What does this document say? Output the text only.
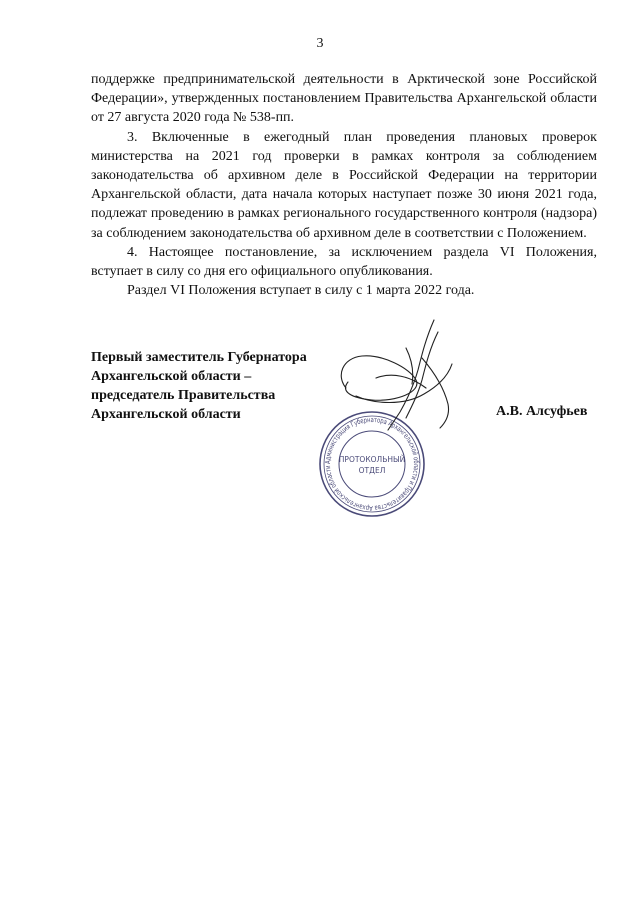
3

поддержке предпринимательской деятельности в Арктической зоне Российской Федерации», утвержденных постановлением Правительства Архангельской области от 27 августа 2020 года № 538-пп.

3. Включенные в ежегодный план проведения плановых проверок министерства на 2021 год проверки в рамках контроля за соблюдением законодательства об архивном деле в Российской Федерации на территории Архангельской области, дата начала которых наступает позже 30 июня 2021 года, подлежат проведению в рамках регионального государственного контроля (надзора) за соблюдением законодательства об архивном деле в соответствии с Положением.

4. Настоящее постановление, за исключением раздела VI Положения, вступает в силу со дня его официального опубликования.

Раздел VI Положения вступает в силу с 1 марта 2022 года.

Первый заместитель Губернатора
Архангельской области –
председатель Правительства
Архангельской области	А.В. Алсуфьев
Администрация Губернатора Архангельской области и Правительства Архангельской области
ПРОТОКОЛЬНЫЙ
ОТДЕЛ
